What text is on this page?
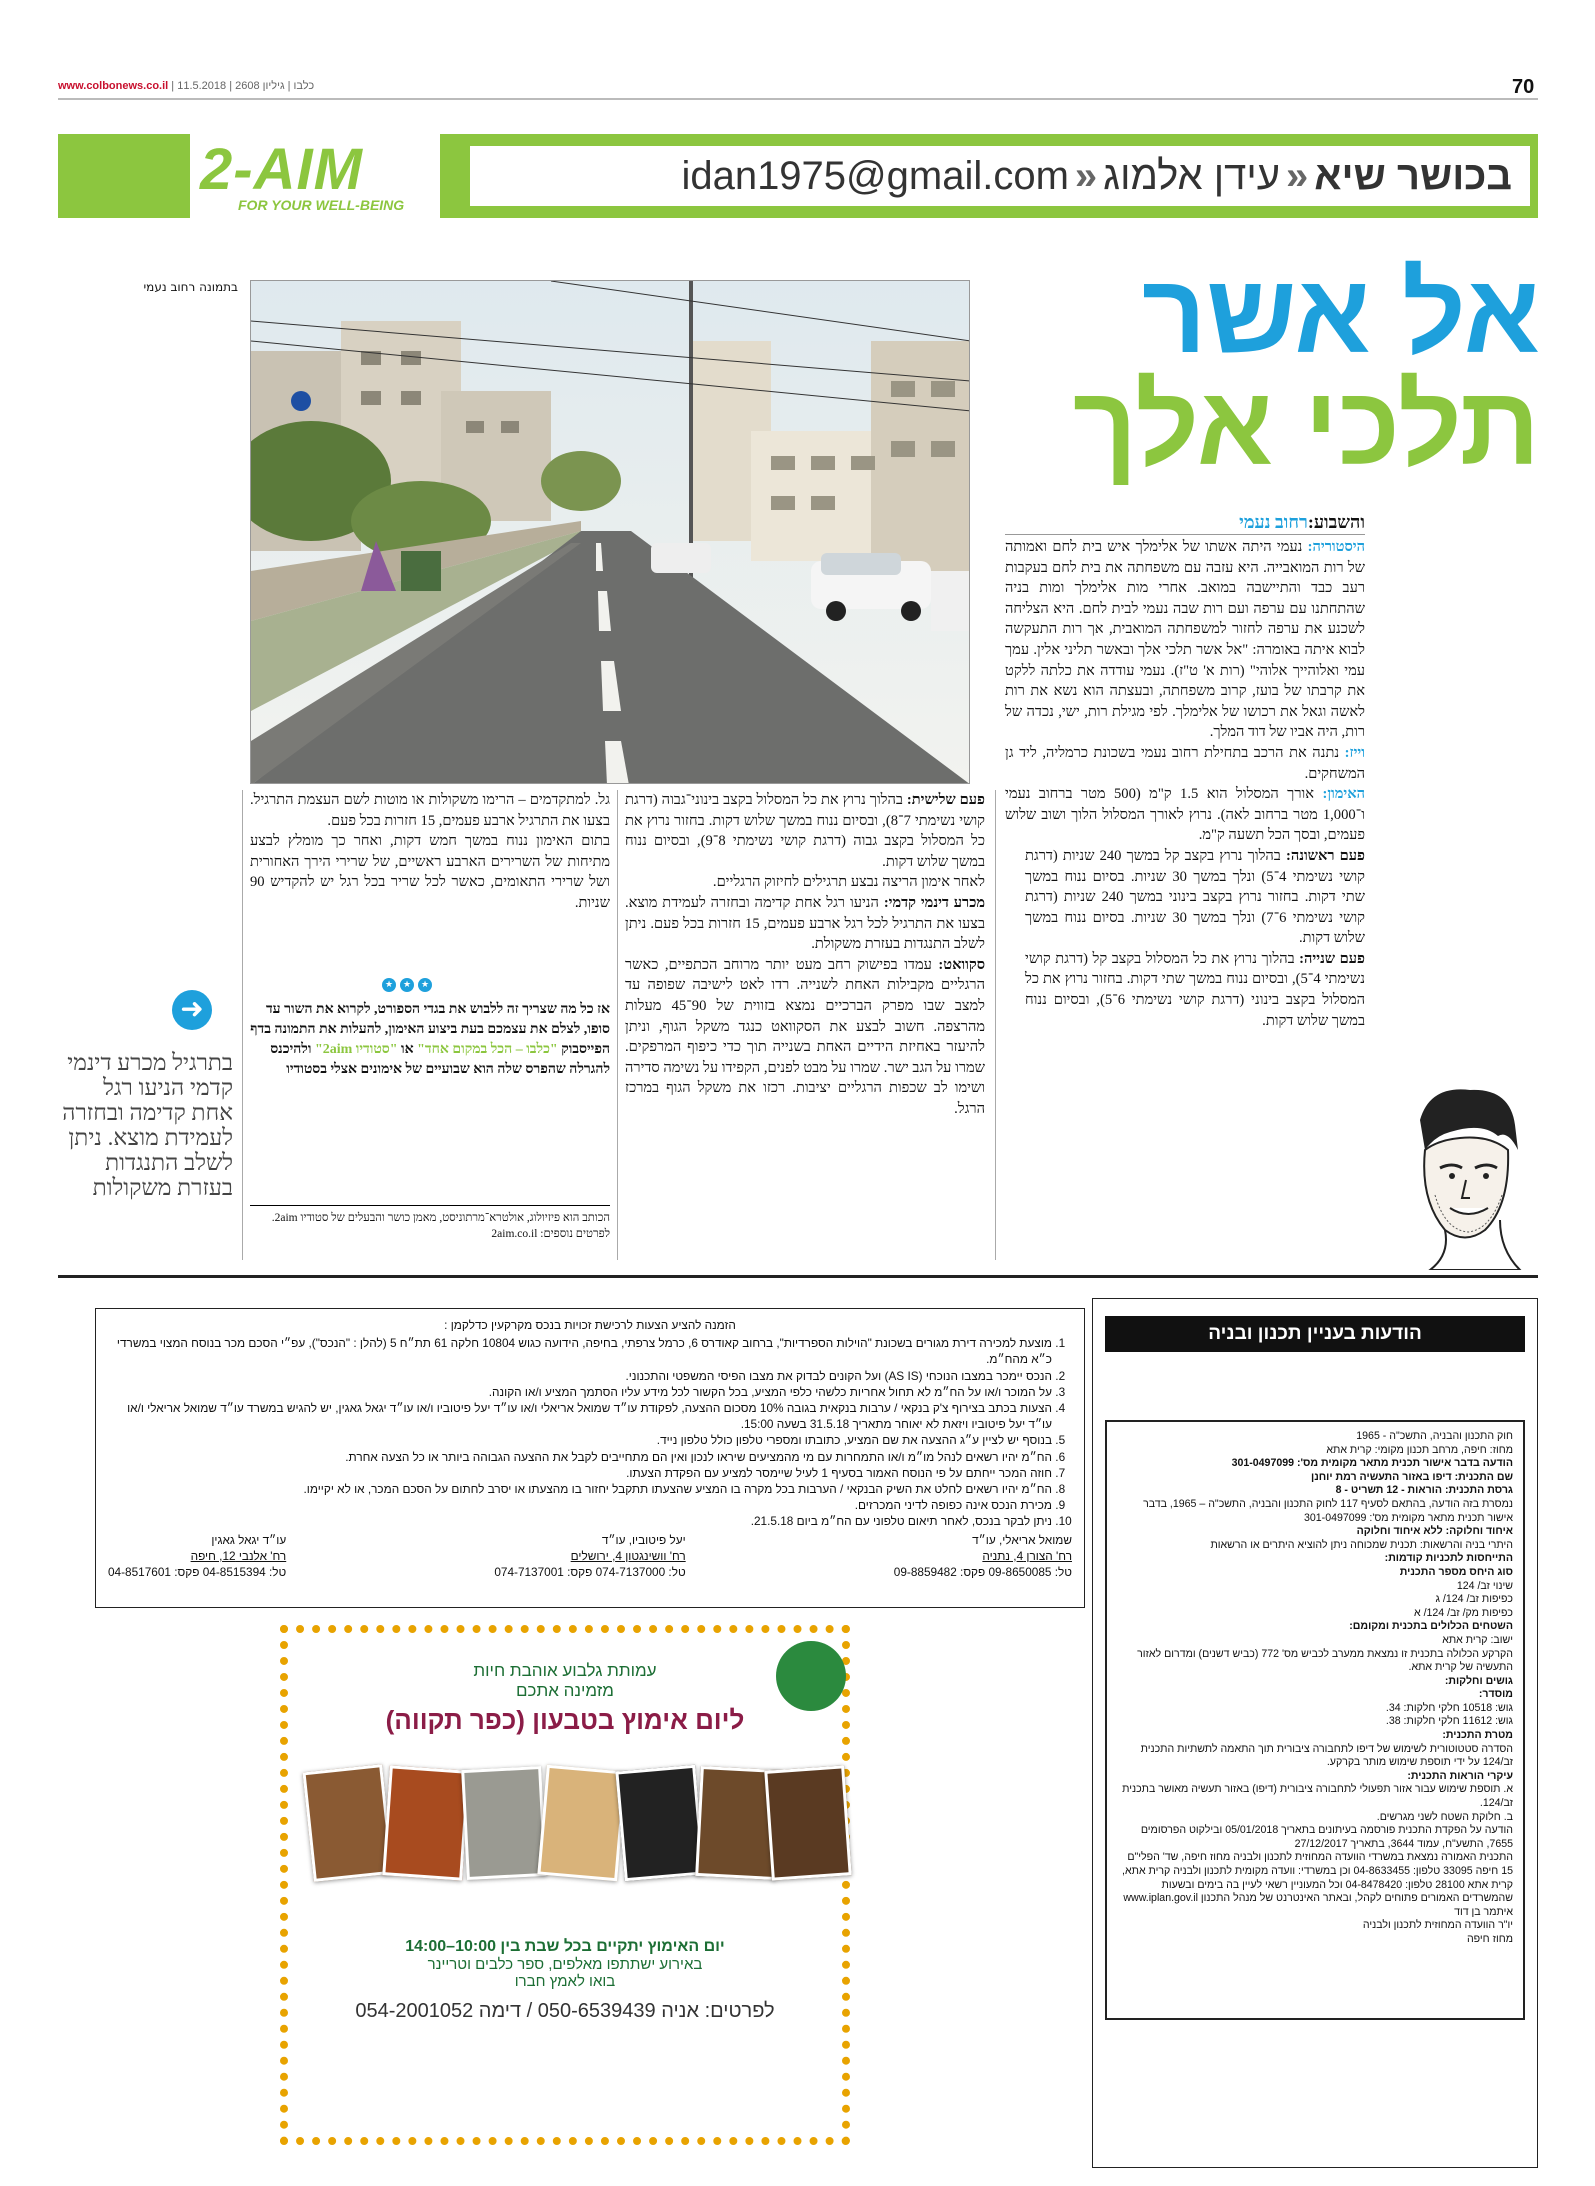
www.colbonews.co.il | כלבו | גיליון 2608 | 11.5.2018	70
2-AIM
FOR YOUR WELL-BEING
בכושר שיא«עידן אלמוג«idan1975@gmail.com
אל אשר
תלכי אלך
בתמונה רחוב נעמי
והשבוע:רחוב נעמי

היסטוריה: נעמי היתה אשתו של אלימלך איש בית לחם ואמותה של רות המואבייה. היא עזבה עם משפחתה את בית לחם בעקבות רעב כבד והתיישבה במואב. אחרי מות אלימלך ומות בניה שהתחתנו עם ערפה ועם רות שבה נעמי לבית לחם. היא הצליחה לשכנע את ערפה לחזור למשפחתה המואבית, אך רות התעקשה לבוא איתה באומרה: "אל אשר תלכי אלך ובאשר תליני אלין. עמך עמי ואלוהייך אלוהי" (רות א' ט"ז). נעמי עודדה את כלתה ללקט את קרבתו של בועז, קרוב משפחתה, ובעצתה הוא נשא את רות לאשה וגאל את רכושו של אלימלך. לפי מגילת רות, ישי, נכדה של רות, היה אביו של דוד המלך.

וייז: נתנה את הרכב בתחילת רחוב נעמי בשכונת כרמליה, ליד גן המשחקים.

האימון: אורך המסלול הוא 1.5 ק"מ (500 מטר ברחוב נעמי ו־1,000 מטר ברחוב לאה). נרוץ לאורך המסלול הלוך ושוב שלוש פעמים, ובסך הכל תשעה ק"מ.

פעם ראשונה: בהלוך נרוץ בקצב קל במשך 240 שניות (דרגת קושי נשימתי 4־5) ונלך במשך 30 שניות. בסיום ננוח במשך שתי דקות. בחזור נרוץ בקצב בינוני במשך 240 שניות (דרגת קושי נשימתי 6־7) ונלך במשך 30 שניות. בסיום ננוח במשך שלוש דקות.

פעם שנייה: בהלוך נרוץ את כל המסלול בקצב קל (דרגת קושי נשימתי 4־5), ובסיום ננוח במשך שתי דקות. בחזור נרוץ את כל המסלול בקצב בינוני (דרגת קושי נשימתי 6־5), ובסיום ננוח במשך שלוש דקות.

פעם שלישית: בהלוך נרוץ את כל המסלול בקצב בינוני־גבוה (דרגת קושי נשימתי 7־8), ובסיום ננוח במשך שלוש דקות. בחזור נרוץ את כל המסלול בקצב גבוה (דרגת קושי נשימתי 8־9), ובסיום ננוח במשך שלוש דקות.

לאחר אימון הריצה נבצע תרגילים לחיזוק הרגליים.

מכרע דינמי קדמי: הניעו רגל אחת קדימה ובחזרה לעמידת מוצא. בצעו את התרגיל לכל רגל ארבע פעמים, 15 חזרות בכל פעם. ניתן לשלב התנגדות בעזרת משקולת.

סקוואט: עמדו בפישוק רחב מעט יותר מרוחב הכתפיים, כאשר הרגליים מקבילות האחת לשנייה. רדו לאט לישיבה שפופה עד למצב שבו מפרק הברכיים נמצא בזווית של 90־45 מעלות מהרצפה. חשוב לבצע את הסקוואט כנגד משקל הגוף, וניתן להיעזר באחיזת הידיים האחת בשנייה תוך כדי כיפוף המרפקים. שמרו על הגב ישר. שמרו על מבט לפנים, הקפידו על נשימה סדירה ושימו לב שכפות הרגליים יציבות. רכזו את משקל הגוף במרכז הרגל.

גל. למתקדמים – הרימו משקולות או מוטות לשם העצמת התרגיל. בצעו את התרגיל ארבע פעמים, 15 חזרות בכל פעם.

בתום האימון ננוח במשך חמש דקות, ואחר כך מומלץ לבצע מתיחות של השרירים הארבע ראשיים, של שרירי הירך האחורית ושל שרירי התאומים, כאשר לכל שריר בכל רגל יש להקדיש 90 שניות.

★ ★ ★
אז כל מה שצריך זה ללבוש את בגדי הספורט, לקרוא את השור עד סופו, לצלם את עצמכם בעת ביצוע האימון, להעלות את התמונה בדף הפייסבוק "כלבו – הכל במקום אחד" או "סטודיו 2aim" ולהיכנס להגרלה שהפרס שלה הוא שבועיים של אימונים אצלי בסטודיו
הכותב הוא פיזיולוג, אולטרא־מרתוניסט, מאמן כושר והבעלים של סטודיו 2aim. לפרטים נוספים: 2aim.co.il
➜
בתרגיל מכרע דינמי קדמי הניעו רגל אחת קדימה ובחזרה לעמידת מוצא. ניתן לשלב התנגדות בעזרת משקולות
הזמנה להציע הצעות לרכישת זכויות בנכס מקרקעין כדלקמן :
1. מוצעת למכירה דירת מגורים בשכונת "הוילות הספרדיות", ברחוב קאודרס 6, כרמל צרפתי, בחיפה, הידועה כגוש 10804 חלקה 61 תת״ח 5 (להלן : "הנכס"), עפ״י הסכם מכר בנוסח המצוי במשרדי כ״א מהח״מ.
2. הנכס יימכר במצבו הנוכחי (AS IS) ועל הקונים לבדוק את מצבו הפיסי המשפטי והתכנוני.
3. על המוכר ו/או על הח״מ לא תחול אחריות כלשהי כלפי המציע, בכל הקשור לכל מידע עליו הסתמך המציע ו/או הקונה.
4. הצעות בכתב בצירוף צ'ק בנקאי / ערבות בנקאית בגובה 10% מסכום ההצעה, לפקודת עו״ד שמואל אריאלי ו/או עו״ד יעל פיטוביו ו/או עו״ד יגאל גאגין, יש להגיש במשרד עו״ד שמואל אריאלי ו/או עו״ד יעל פיטוביו ויזאת לא יאוחר מתאריך 31.5.18 בשעה 15:00.
5. בנוסף יש לציין ע״ג ההצעה את שם המציע, כתובתו ומספרי טלפון כולל טלפון נייד.
6. הח״מ יהיו רשאים לנהל מו״מ ו/או התמחרות עם מי מהמציעים שיראו לנכון ואין הם מתחייבים לקבל את ההצעה הגבוהה ביותר או כל הצעה אחרת.
7. חוזה המכר ייחתם על פי הנוסח האמור בסעיף 1 לעיל שיימסר למציע עם הפקדת הצעתו.
8. הח״מ יהיו רשאים לחלט את השיק הבנקאי / הערבות בכל מקרה בו המציע שהצעתו תתקבל יחזור בו מהצעתו או יסרב לחתום על הסכם המכר, או לא יקיימו.
9. מכירת הנכס אינה כפופה לדיני המכרזים.
10. ניתן לבקר בנכס, לאחר תיאום טלפוני עם הח״מ ביום 21.5.18.
שמואל אריאלי, עו״ד
רח' הצורן 4, נתניה
טל: 09-8650085 פקס: 09-8859482
יעל פיטוביו, עו״ד
רח' וושינגטון 4, ירושלים
טל: 074-7137000 פקס: 074-7137001
עו״ד יגאל גאגין
רח' אלנבי 12, חיפה
טל: 04-8515394 פקס: 04-8517601
עמותת גלבוע אוהבת חיות
מזמינה אתכם
ליום אימוץ בטבעון (כפר תקווה)
יום האימוץ יתקיים בכל שבת בין 10:00–14:00
באירוע ישתתפו מאלפים, ספר כלבים וטריינר
בואו לאמץ חברו
לפרטים: אניה 050-6539439 / דימה 054-2001052
הודעות בעניין תכנון ובניה
חוק התכנון והבניה, התשכ"ה - 1965
מחוז: חיפה, מרחב תכנון מקומי: קרית אתא
הודעה בדבר אישור תכנית מתאר מקומית מס': 301-0497099
שם התכנית: דיפו באזור התעשיה רמת יוחנן
גרסת התכנית: הוראות - 12 תשריט - 8
נמסרת בזה הודעה, בהתאם לסעיף 117 לחוק התכנון והבניה, התשכ"ה – 1965, בדבר אישור תכנית מתאר מקומית מס': 301-0497099
איחוד וחלוקה: ללא איחוד וחלוקה
היתרי בניה והרשאות: תכנית שמכוחה ניתן להוציא היתרים או הרשאות
התייחסות לתכניות קודמות:
סוג היחס מספר התכנית
שינוי זב/ 124
כפיפות זב/ 124/ ג
כפיפות מק/ זב/ 124/ א
השטחים הכלולים בתכנית ומקומם:
ישוב: קרית אתא
הקרקע הכלולה בתכנית זו נמצאת ממערב לכביש מס' 772 (כביש דשנים) ומדרום לאזור התעשיה של קרית אתא.
גושים וחלקות:
מוסדר:
גוש: 10518 חלקי חלקות: 34.
גוש: 11612 חלקי חלקות: 38.
מטרת התכנית:
הסדרה סטטוטורית לשימוש של דיפו לתחבורה ציבורית תוך התאמה לתשתיות התכנית זב/124 על ידי תוספת שימוש מותר בקרקע.
עיקרי הוראות התכנית:
א. תוספת שימוש עבור אזור תפעולי לתחבורה ציבורית (דיפו) באזור תעשיה מאושר בתכנית זב/124.
ב. חלוקת השטח לשני מגרשים.
הודעה על הפקדת התכנית פורסמה בעיתונים בתאריך 05/01/2018 ובילקוט הפרסומים 7655, התשע"ח, עמוד 3644, בתאריך 27/12/2017
התכנית האמורה נמצאת במשרדי הוועדה המחוזית לתכנון ולבניה מחוז חיפה, שד' הפלי"ם 15 חיפה 33095 טלפון: 04-8633455 וכן במשרדי: וועדה מקומית לתכנון ולבניה קרית אתא, קרית אתא 28100 טלפון: 04-8478420 וכל המעוניין רשאי לעיין בה בימים ובשעות שהמשרדים האמורים פתוחים לקהל, ובאתר האינטרנט של מנהל התכנון www.iplan.gov.il
איתמר בן דוד
יו"ר הוועדה המחוזית לתכנון ולבניה
מחוז חיפה
